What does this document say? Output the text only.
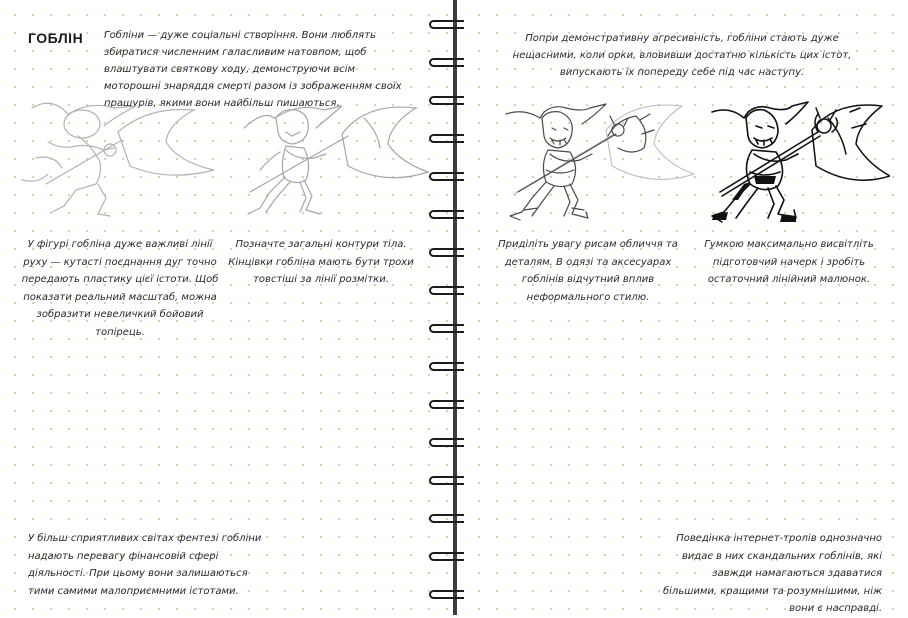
ГОБЛІН Гобліни — дуже соціальні створіння. Вони люблять збиратися численним галасливим натовпом, щоб влаштувати святкову ходу, демонструючи всім моторошні знаряддя смерті разом із зображенням своїх пращурів, якими вони найбільш пишаються.
У фігурі гобліна дуже важливі лінії руху — кутасті поєднання дуг точно передають пластику цієї істоти. Щоб показати реальний масштаб, можна зобразити невеличкий бойовий топірець.
Позначте загальні контури тіла. Кінцівки гобліна мають бути трохи товстіші за лінії розмітки.
У більш сприятливих світах фентезі гобліни надають перевагу фінансовій сфері діяльності. При цьому вони залишаються тими самими малоприємними істотами.
Попри демонстративну агресивність, гобліни стають дуже нещасними, коли орки, вловивши достатню кількість цих істот, випускають їх попереду себе під час наступу.
Приділіть увагу рисам обличчя та деталям. В одязі та аксесуарах гоблінів відчутний вплив неформального стилю.
Гумкою максимально висвітліть підготовчий начерк і зробіть остаточний лінійний малюнок.
Поведінка інтернет-тролів однозначно видає в них скандальних гоблінів, які завжди намагаються здаватися більшими, кращими та розумнішими, ніж вони є насправді.
